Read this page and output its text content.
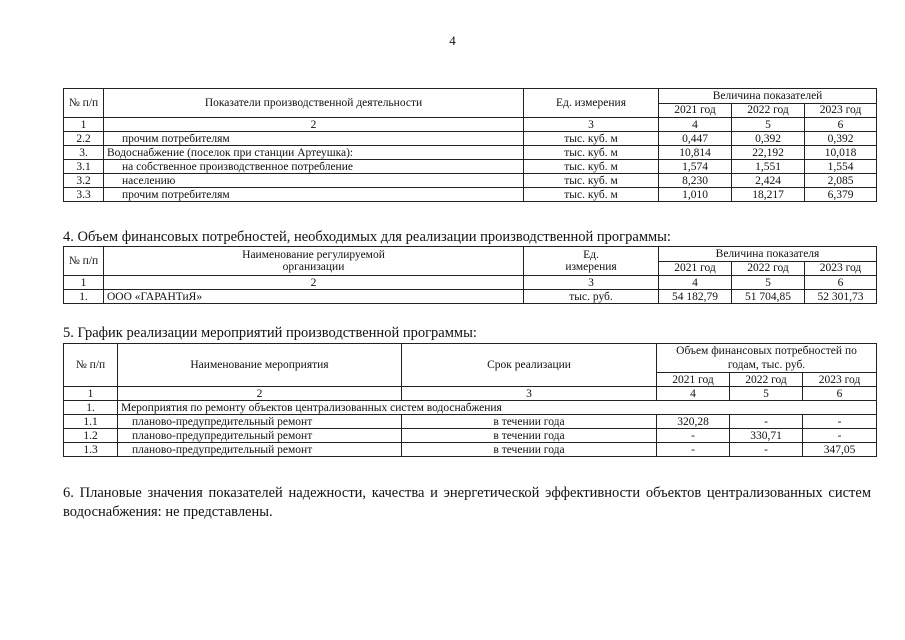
4
№ п/п	Показатели производственной деятельности	Ед. измерения	Величина показателей		
			2021 год	2022 год	2023 год
1	2	3	4	5	6
2.2	прочим потребителям	тыс. куб. м	0,447	0,392	0,392
3.	Водоснабжение (поселок при станции Артеушка):	тыс. куб. м	10,814	22,192	10,018
3.1	на собственное производственное потребление	тыс. куб. м	1,574	1,551	1,554
3.2	населению	тыс. куб. м	8,230	2,424	2,085
3.3	прочим потребителям	тыс. куб. м	1,010	18,217	6,379
4. Объем финансовых потребностей, необходимых для реализации производственной программы:
№ п/п	Наименование регулируемой организации	Ед. измерения	Величина показателя		
			2021 год	2022 год	2023 год
1	2	3	4	5	6
1.	ООО «ГАРАНТиЯ»	тыс. руб.	54 182,79	51 704,85	52 301,73
5. График реализации мероприятий производственной программы:
№ п/п	Наименование мероприятия	Срок реализации	Объем финансовых потребностей по годам, тыс. руб.		
			2021 год	2022 год	2023 год
1	2	3	4	5	6
1.	Мероприятия по ремонту объектов централизованных систем водоснабжения				
1.1	планово-предупредительный ремонт	в течении года	320,28	-	-
1.2	планово-предупредительный ремонт	в течении года	-	330,71	-
1.3	планово-предупредительный ремонт	в течении года	-	-	347,05
6. Плановые значения показателей надежности, качества и энергетической эффективности объектов централизованных систем водоснабжения: не представлены.
